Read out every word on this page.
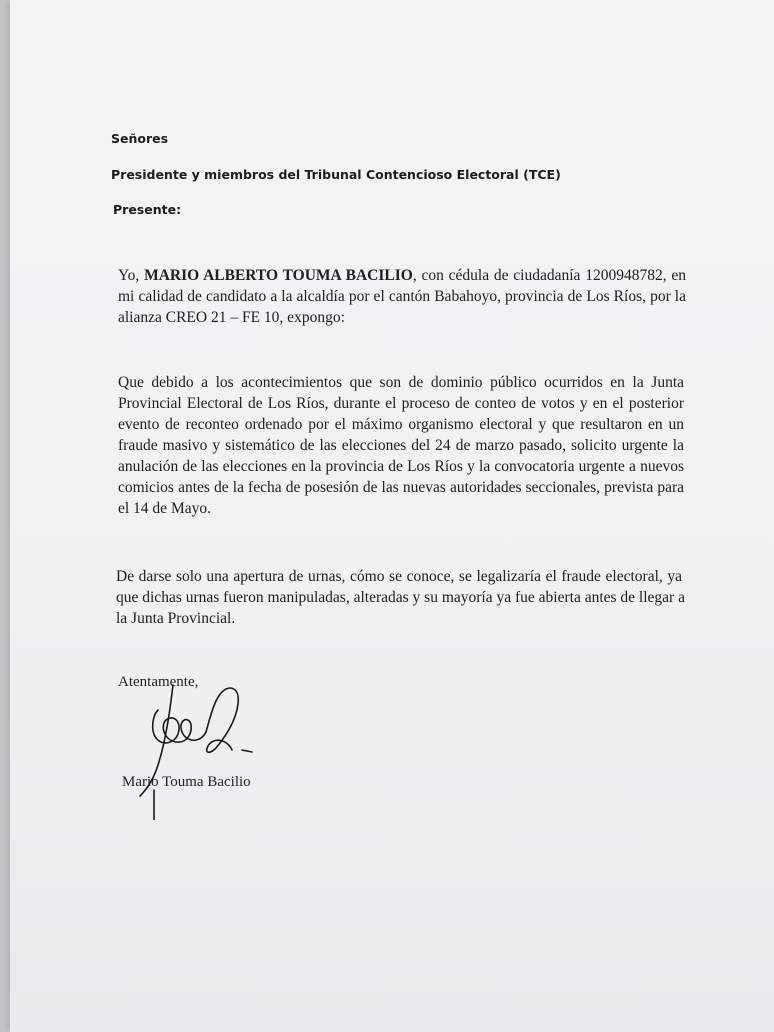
Señores
Presidente y miembros del Tribunal Contencioso Electoral (TCE)
Presente:
Yo, MARIO ALBERTO TOUMA BACILIO, con cédula de ciudadanía 1200948782, en
mi calidad de candidato a la alcaldía por el cantón Babahoyo, provincia de Los Ríos, por la
alianza CREO 21 – FE 10, expongo:
Que debido a los acontecimientos que son de dominio público ocurridos en la Junta
Provincial Electoral de Los Ríos, durante el proceso de conteo de votos y en el posterior
evento de reconteo ordenado por el máximo organismo electoral y que resultaron en un
fraude masivo y sistemático de las elecciones del 24 de marzo pasado, solicito urgente la
anulación de las elecciones en la provincia de Los Ríos y la convocatoria urgente a nuevos
comicios antes de la fecha de posesión de las nuevas autoridades seccionales, prevista para
el 14 de Mayo.
De darse solo una apertura de urnas, cómo se conoce, se legalizaría el fraude electoral, ya
que dichas urnas fueron manipuladas, alteradas y su mayoría ya fue abierta antes de llegar a
la Junta Provincial.
Atentamente,
Mario Touma Bacilio
